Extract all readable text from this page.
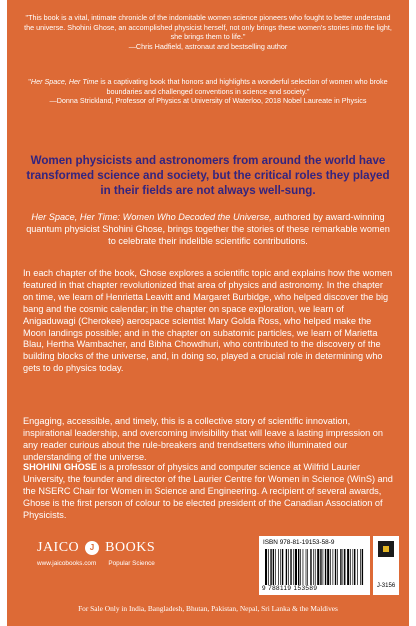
"This book is a vital, intimate chronicle of the indomitable women science pioneers who fought to better understand the universe. Shohini Ghose, an accomplished physicist herself, not only brings these women's stories into the light, she brings them to life."
—Chris Hadfield, astronaut and bestselling author
"Her Space, Her Time is a captivating book that honors and highlights a wonderful selection of women who broke boundaries and challenged conventions in science and society."
—Donna Strickland, Professor of Physics at University of Waterloo, 2018 Nobel Laureate in Physics
Women physicists and astronomers from around the world have transformed science and society, but the critical roles they played in their fields are not always well-sung.
Her Space, Her Time: Women Who Decoded the Universe, authored by award-winning quantum physicist Shohini Ghose, brings together the stories of these remarkable women to celebrate their indelible scientific contributions.
In each chapter of the book, Ghose explores a scientific topic and explains how the women featured in that chapter revolutionized that area of physics and astronomy. In the chapter on time, we learn of Henrietta Leavitt and Margaret Burbidge, who helped discover the big bang and the cosmic calendar; in the chapter on space exploration, we learn of Anigaduwagi (Cherokee) aerospace scientist Mary Golda Ross, who helped make the Moon landings possible; and in the chapter on subatomic particles, we learn of Marietta Blau, Hertha Wambacher, and Bibha Chowdhuri, who contributed to the discovery of the building blocks of the universe, and, in doing so, played a crucial role in determining who gets to do physics today.
Engaging, accessible, and timely, this is a collective story of scientific innovation, inspirational leadership, and overcoming invisibility that will leave a lasting impression on any reader curious about the rule-breakers and trendsetters who illuminated our understanding of the universe.
SHOHINI GHOSE is a professor of physics and computer science at Wilfrid Laurier University, the founder and director of the Laurier Centre for Women in Science (WinS) and the NSERC Chair for Women in Science and Engineering. A recipient of several awards, Ghose is the first person of colour to be elected president of the Canadian Association of Physicists.
JAICO J BOOKS
www.jaicobooks.com Popular Science
ISBN 978-81-19153-58-9
9 788119 153589	J-3156
For Sale Only in India, Bangladesh, Bhutan, Pakistan, Nepal, Sri Lanka & the Maldives
